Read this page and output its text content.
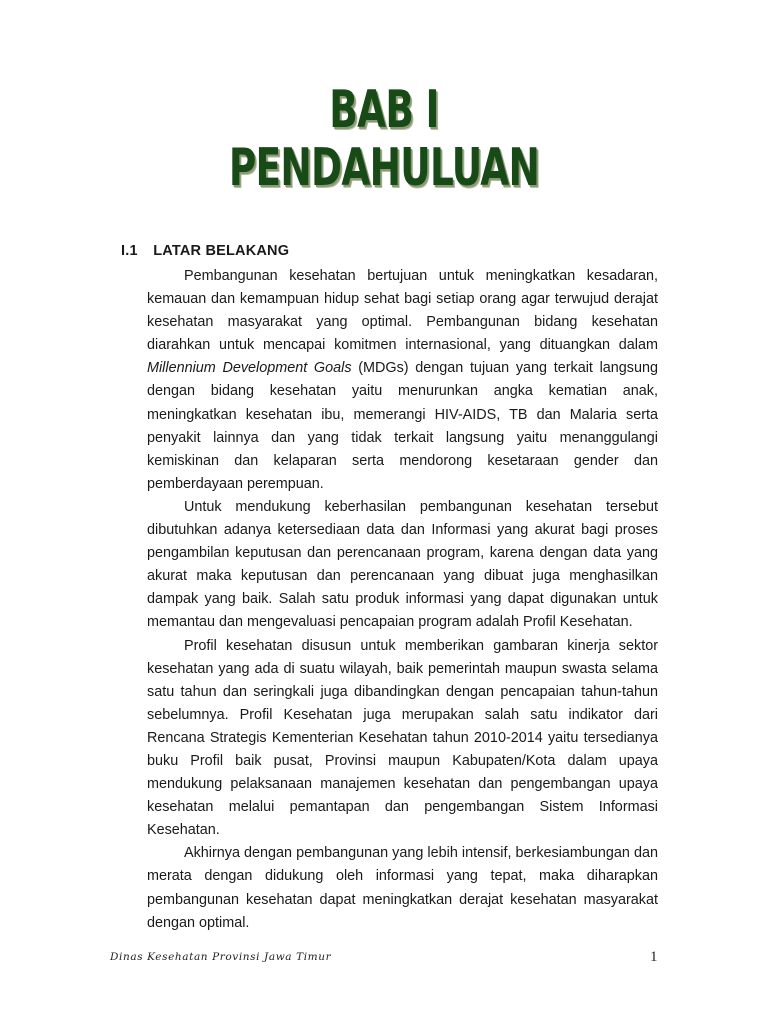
BAB I
PENDAHULUAN
I.1 LATAR BELAKANG

Pembangunan kesehatan bertujuan untuk meningkatkan kesadaran, kemauan dan kemampuan hidup sehat bagi setiap orang agar terwujud derajat kesehatan masyarakat yang optimal. Pembangunan bidang kesehatan diarahkan untuk mencapai komitmen internasional, yang dituangkan dalam Millennium Development Goals (MDGs) dengan tujuan yang terkait langsung dengan bidang kesehatan yaitu menurunkan angka kematian anak, meningkatkan kesehatan ibu, memerangi HIV-AIDS, TB dan Malaria serta penyakit lainnya dan yang tidak terkait langsung yaitu menanggulangi kemiskinan dan kelaparan serta mendorong kesetaraan gender dan pemberdayaan perempuan.

Untuk mendukung keberhasilan pembangunan kesehatan tersebut dibutuhkan adanya ketersediaan data dan Informasi yang akurat bagi proses pengambilan keputusan dan perencanaan program, karena dengan data yang akurat maka keputusan dan perencanaan yang dibuat juga menghasilkan dampak yang baik. Salah satu produk informasi yang dapat digunakan untuk memantau dan mengevaluasi pencapaian program adalah Profil Kesehatan.

Profil kesehatan disusun untuk memberikan gambaran kinerja sektor kesehatan yang ada di suatu wilayah, baik pemerintah maupun swasta selama satu tahun dan seringkali juga dibandingkan dengan pencapaian tahun-tahun sebelumnya. Profil Kesehatan juga merupakan salah satu indikator dari Rencana Strategis Kementerian Kesehatan tahun 2010-2014 yaitu tersedianya buku Profil baik pusat, Provinsi maupun Kabupaten/Kota dalam upaya mendukung pelaksanaan manajemen kesehatan dan pengembangan upaya kesehatan melalui pemantapan dan pengembangan Sistem Informasi Kesehatan.

Akhirnya dengan pembangunan yang lebih intensif, berkesiambungan dan merata dengan didukung oleh informasi yang tepat, maka diharapkan pembangunan kesehatan dapat meningkatkan derajat kesehatan masyarakat dengan optimal.

Dinas Kesehatan Provinsi Jawa Timur	1
